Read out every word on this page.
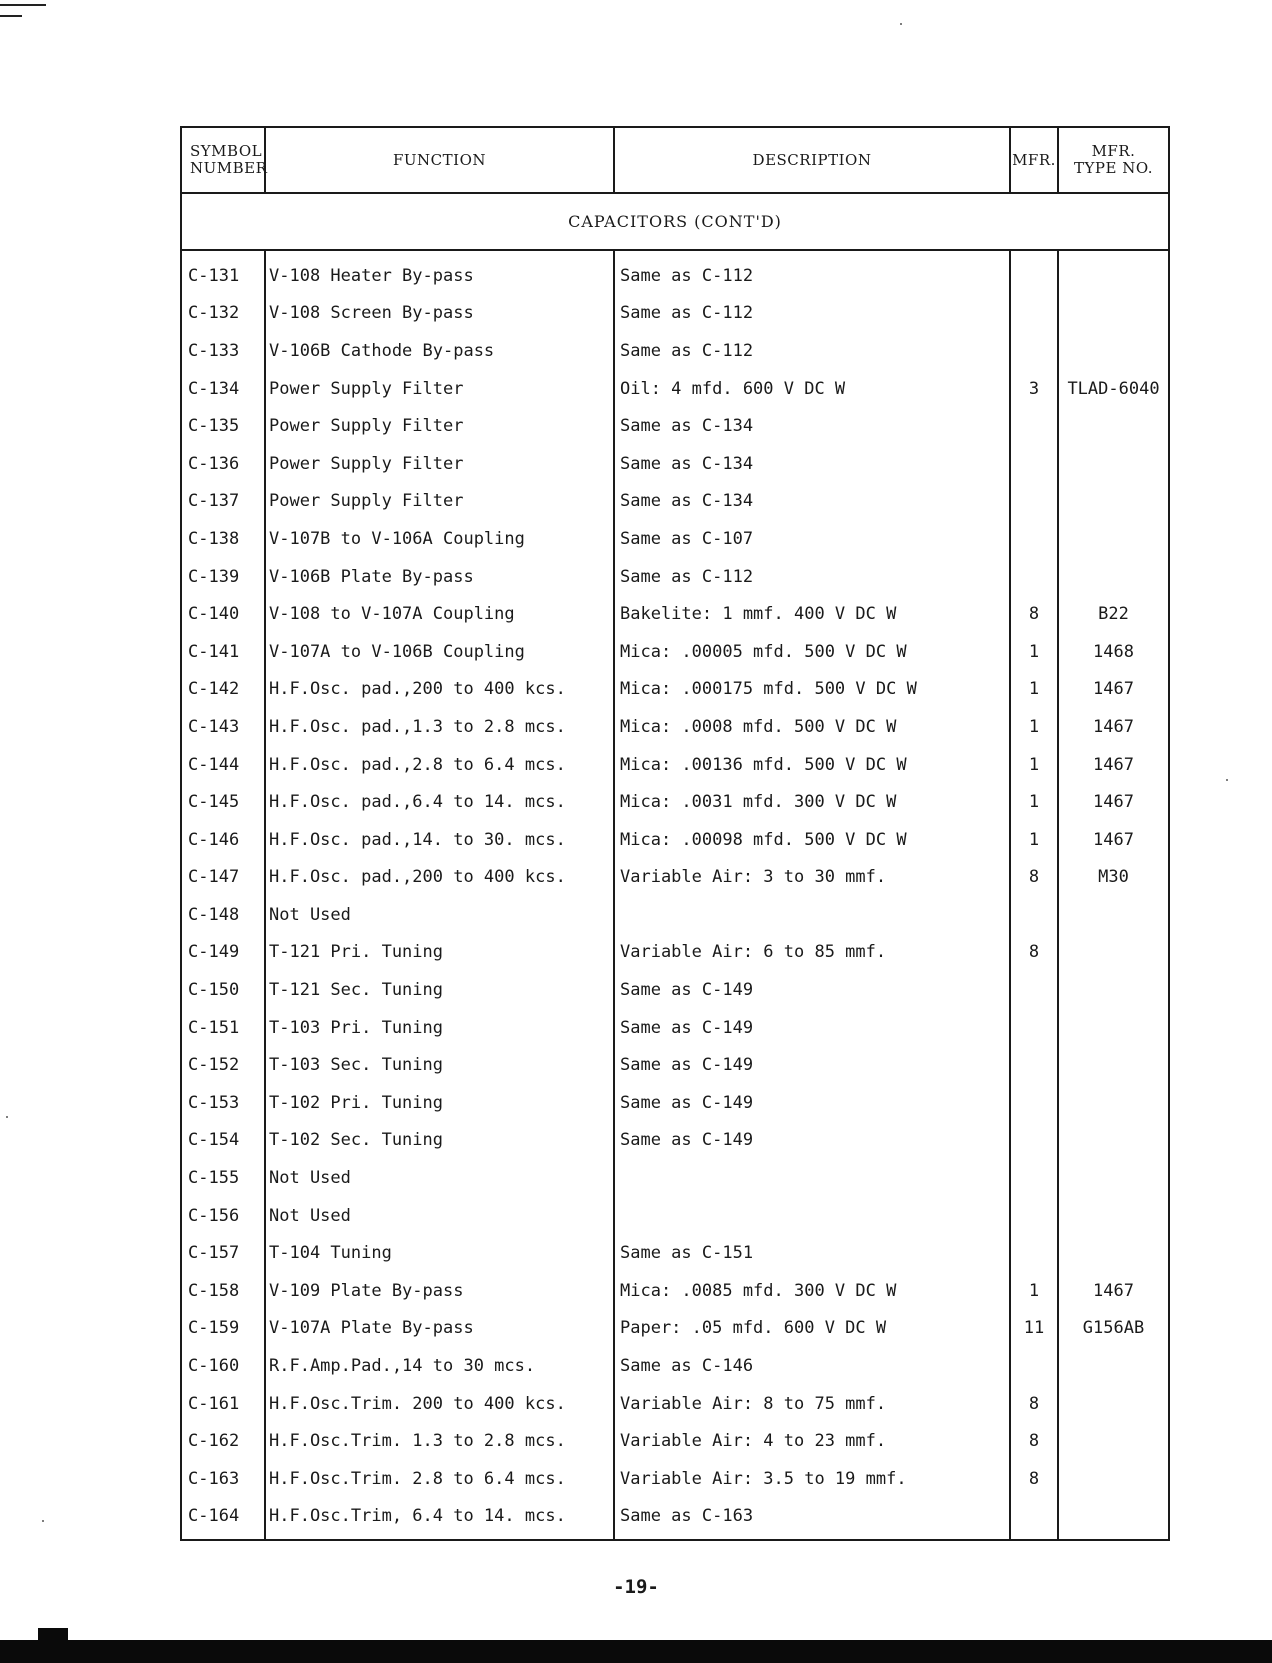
SYMBOL
NUMBER	FUNCTION	DESCRIPTION	MFR.	MFR.
TYPE NO.
CAPACITORS (CONT'D)				
C-131	V-108 Heater By-pass	Same as C-112		
C-132	V-108 Screen By-pass	Same as C-112		
C-133	V-106B Cathode By-pass	Same as C-112		
C-134	Power Supply Filter	Oil: 4 mfd. 600 V DC W	3	TLAD-6040
C-135	Power Supply Filter	Same as C-134		
C-136	Power Supply Filter	Same as C-134		
C-137	Power Supply Filter	Same as C-134		
C-138	V-107B to V-106A Coupling	Same as C-107		
C-139	V-106B Plate By-pass	Same as C-112		
C-140	V-108 to V-107A Coupling	Bakelite: 1 mmf. 400 V DC W	8	B22
C-141	V-107A to V-106B Coupling	Mica: .00005 mfd. 500 V DC W	1	1468
C-142	H.F.Osc. pad.,200 to 400 kcs.	Mica: .000175 mfd. 500 V DC W	1	1467
C-143	H.F.Osc. pad.,1.3 to 2.8 mcs.	Mica: .0008 mfd. 500 V DC W	1	1467
C-144	H.F.Osc. pad.,2.8 to 6.4 mcs.	Mica: .00136 mfd. 500 V DC W	1	1467
C-145	H.F.Osc. pad.,6.4 to 14. mcs.	Mica: .0031 mfd. 300 V DC W	1	1467
C-146	H.F.Osc. pad.,14. to 30. mcs.	Mica: .00098 mfd. 500 V DC W	1	1467
C-147	H.F.Osc. pad.,200 to 400 kcs.	Variable Air: 3 to 30 mmf.	8	M30
C-148	Not Used			
C-149	T-121 Pri. Tuning	Variable Air: 6 to 85 mmf.	8	
C-150	T-121 Sec. Tuning	Same as C-149		
C-151	T-103 Pri. Tuning	Same as C-149		
C-152	T-103 Sec. Tuning	Same as C-149		
C-153	T-102 Pri. Tuning	Same as C-149		
C-154	T-102 Sec. Tuning	Same as C-149		
C-155	Not Used			
C-156	Not Used			
C-157	T-104 Tuning	Same as C-151		
C-158	V-109 Plate By-pass	Mica: .0085 mfd. 300 V DC W	1	1467
C-159	V-107A Plate By-pass	Paper: .05 mfd. 600 V DC W	11	G156AB
C-160	R.F.Amp.Pad.,14 to 30 mcs.	Same as C-146		
C-161	H.F.Osc.Trim. 200 to 400 kcs.	Variable Air: 8 to 75 mmf.	8	
C-162	H.F.Osc.Trim. 1.3 to 2.8 mcs.	Variable Air: 4 to 23 mmf.	8	
C-163	H.F.Osc.Trim. 2.8 to 6.4 mcs.	Variable Air: 3.5 to 19 mmf.	8	
C-164	H.F.Osc.Trim, 6.4 to 14. mcs.	Same as C-163		
-19-
